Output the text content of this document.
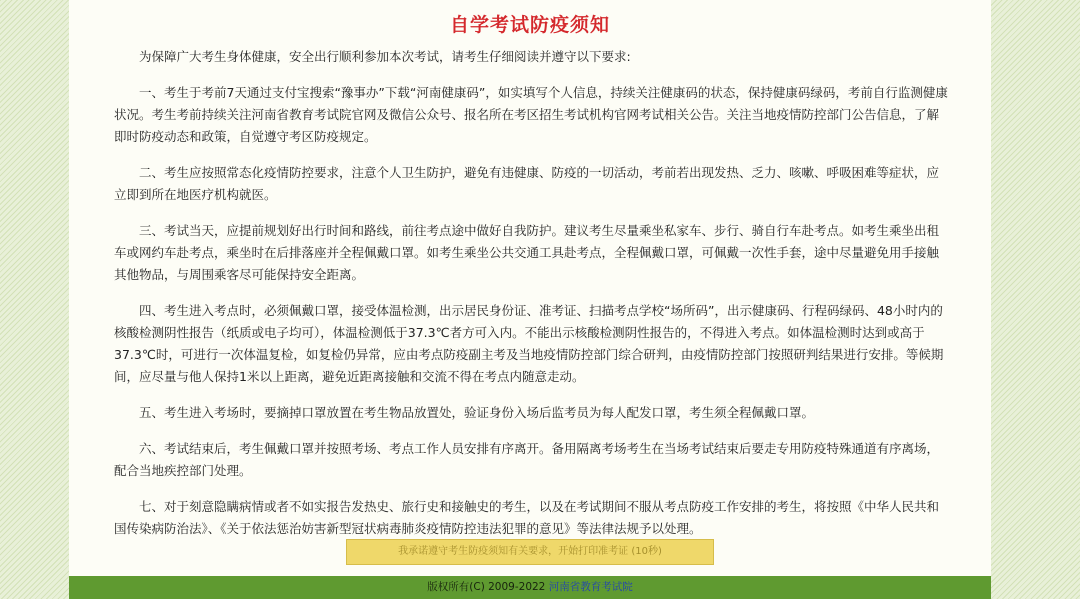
自学考试防疫须知

为保障广大考生身体健康，安全出行顺利参加本次考试，请考生仔细阅读并遵守以下要求:

一、考生于考前7天通过支付宝搜索“豫事办”下载“河南健康码”，如实填写个人信息，持续关注健康码的状态，保持健康码绿码，考前自行监测健康状况。考生考前持续关注河南省教育考试院官网及微信公众号、报名所在考区招生考试机构官网考试相关公告。关注当地疫情防控部门公告信息，了解即时防疫动态和政策，自觉遵守考区防疫规定。

二、考生应按照常态化疫情防控要求，注意个人卫生防护，避免有违健康、防疫的一切活动，考前若出现发热、乏力、咳嗽、呼吸困难等症状，应立即到所在地医疗机构就医。

三、考试当天，应提前规划好出行时间和路线，前往考点途中做好自我防护。建议考生尽量乘坐私家车、步行、骑自行车赴考点。如考生乘坐出租车或网约车赴考点，乘坐时在后排落座并全程佩戴口罩。如考生乘坐公共交通工具赴考点，全程佩戴口罩，可佩戴一次性手套，途中尽量避免用手接触其他物品，与周围乘客尽可能保持安全距离。

四、考生进入考点时，必须佩戴口罩，接受体温检测，出示居民身份证、准考证、扫描考点学校“场所码”，出示健康码、行程码绿码、48小时内的核酸检测阴性报告（纸质或电子均可），体温检测低于37.3℃者方可入内。不能出示核酸检测阴性报告的，不得进入考点。如体温检测时达到或高于37.3℃时，可进行一次体温复检，如复检仍异常，应由考点防疫副主考及当地疫情防控部门综合研判，由疫情防控部门按照研判结果进行安排。等候期间，应尽量与他人保持1米以上距离，避免近距离接触和交流不得在考点内随意走动。

五、考生进入考场时，要摘掉口罩放置在考生物品放置处，验证身份入场后监考员为每人配发口罩，考生须全程佩戴口罩。

六、考试结束后，考生佩戴口罩并按照考场、考点工作人员安排有序离开。备用隔离考场考生在当场考试结束后要走专用防疫特殊通道有序离场，配合当地疾控部门处理。

七、对于刻意隐瞒病情或者不如实报告发热史、旅行史和接触史的考生，以及在考试期间不服从考点防疫工作安排的考生，将按照《中华人民共和国传染病防治法》、《关于依法惩治妨害新型冠状病毒肺炎疫情防控违法犯罪的意见》等法律法规予以处理。

我承诺遵守考生防疫须知有关要求，开始打印准考证 (10秒)
版权所有(C) 2009-2022 河南省教育考试院
